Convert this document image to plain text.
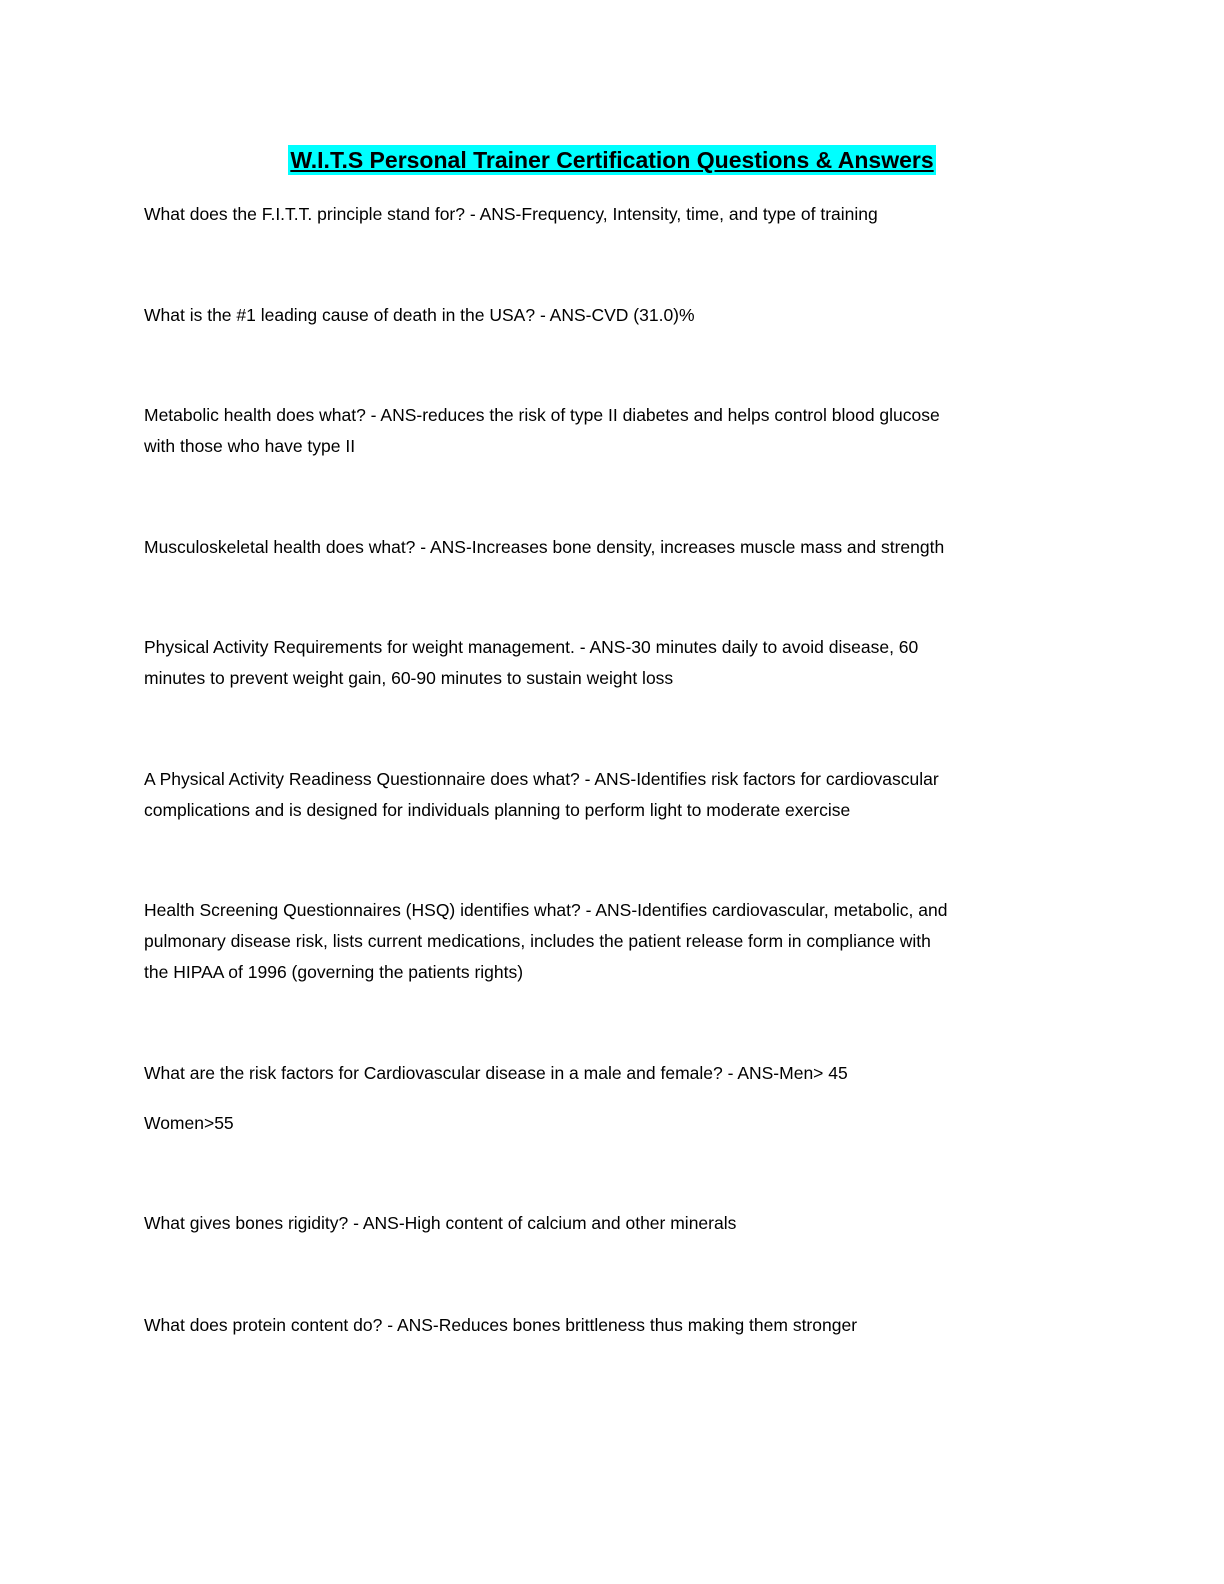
W.I.T.S Personal Trainer Certification Questions & Answers
What does the F.I.T.T. principle stand for? - ANS-Frequency, Intensity, time, and type of training
What is the #1 leading cause of death in the USA? - ANS-CVD (31.0)%
Metabolic health does what? - ANS-reduces the risk of type II diabetes and helps control blood glucose
with those who have type II
Musculoskeletal health does what? - ANS-Increases bone density, increases muscle mass and strength
Physical Activity Requirements for weight management. - ANS-30 minutes daily to avoid disease, 60
minutes to prevent weight gain, 60-90 minutes to sustain weight loss
A Physical Activity Readiness Questionnaire does what? - ANS-Identifies risk factors for cardiovascular
complications and is designed for individuals planning to perform light to moderate exercise
Health Screening Questionnaires (HSQ) identifies what? - ANS-Identifies cardiovascular, metabolic, and
pulmonary disease risk, lists current medications, includes the patient release form in compliance with
the HIPAA of 1996 (governing the patients rights)
What are the risk factors for Cardiovascular disease in a male and female? - ANS-Men> 45
Women>55
What gives bones rigidity? - ANS-High content of calcium and other minerals
What does protein content do? - ANS-Reduces bones brittleness thus making them stronger
